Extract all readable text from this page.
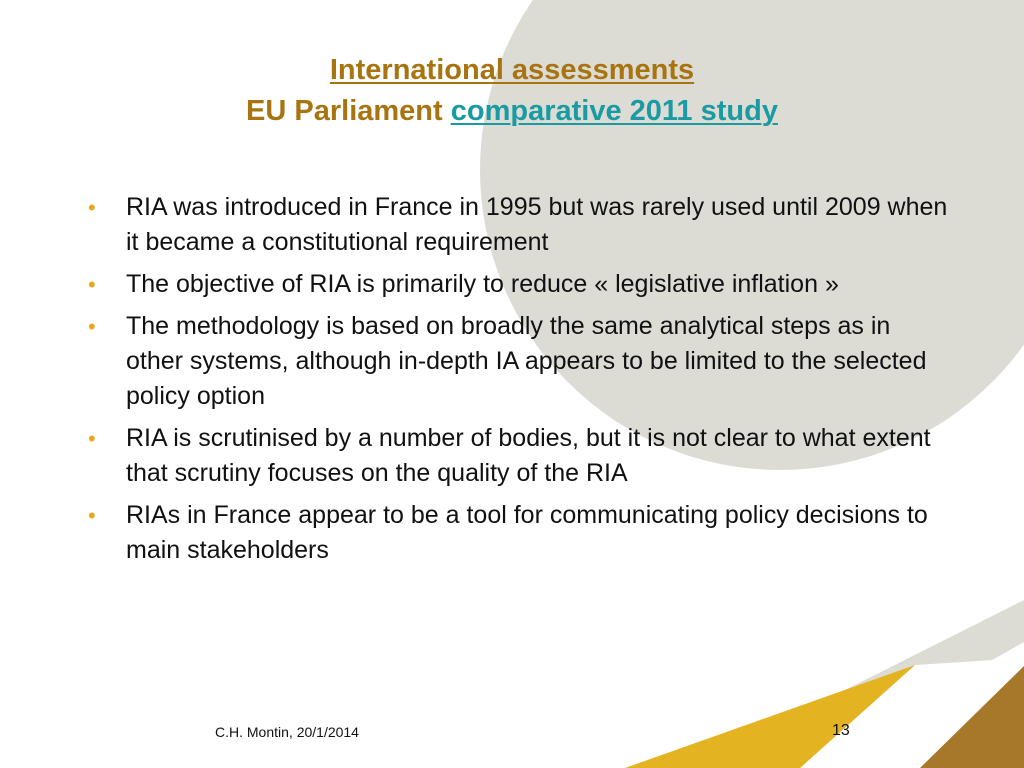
International assessments
EU Parliament comparative 2011 study
• RIA was introduced in France in 1995 but was rarely used until 2009 when it became a constitutional requirement
• The objective of RIA is primarily to reduce « legislative inflation »
• The methodology is based on broadly the same analytical steps as in other systems, although in-depth IA appears to be limited to the selected policy option
• RIA is scrutinised by a number of bodies, but it is not clear to what extent that scrutiny focuses on the quality of the RIA
• RIAs in France appear to be a tool for communicating policy decisions to main stakeholders
C.H. Montin, 20/1/2014	13
